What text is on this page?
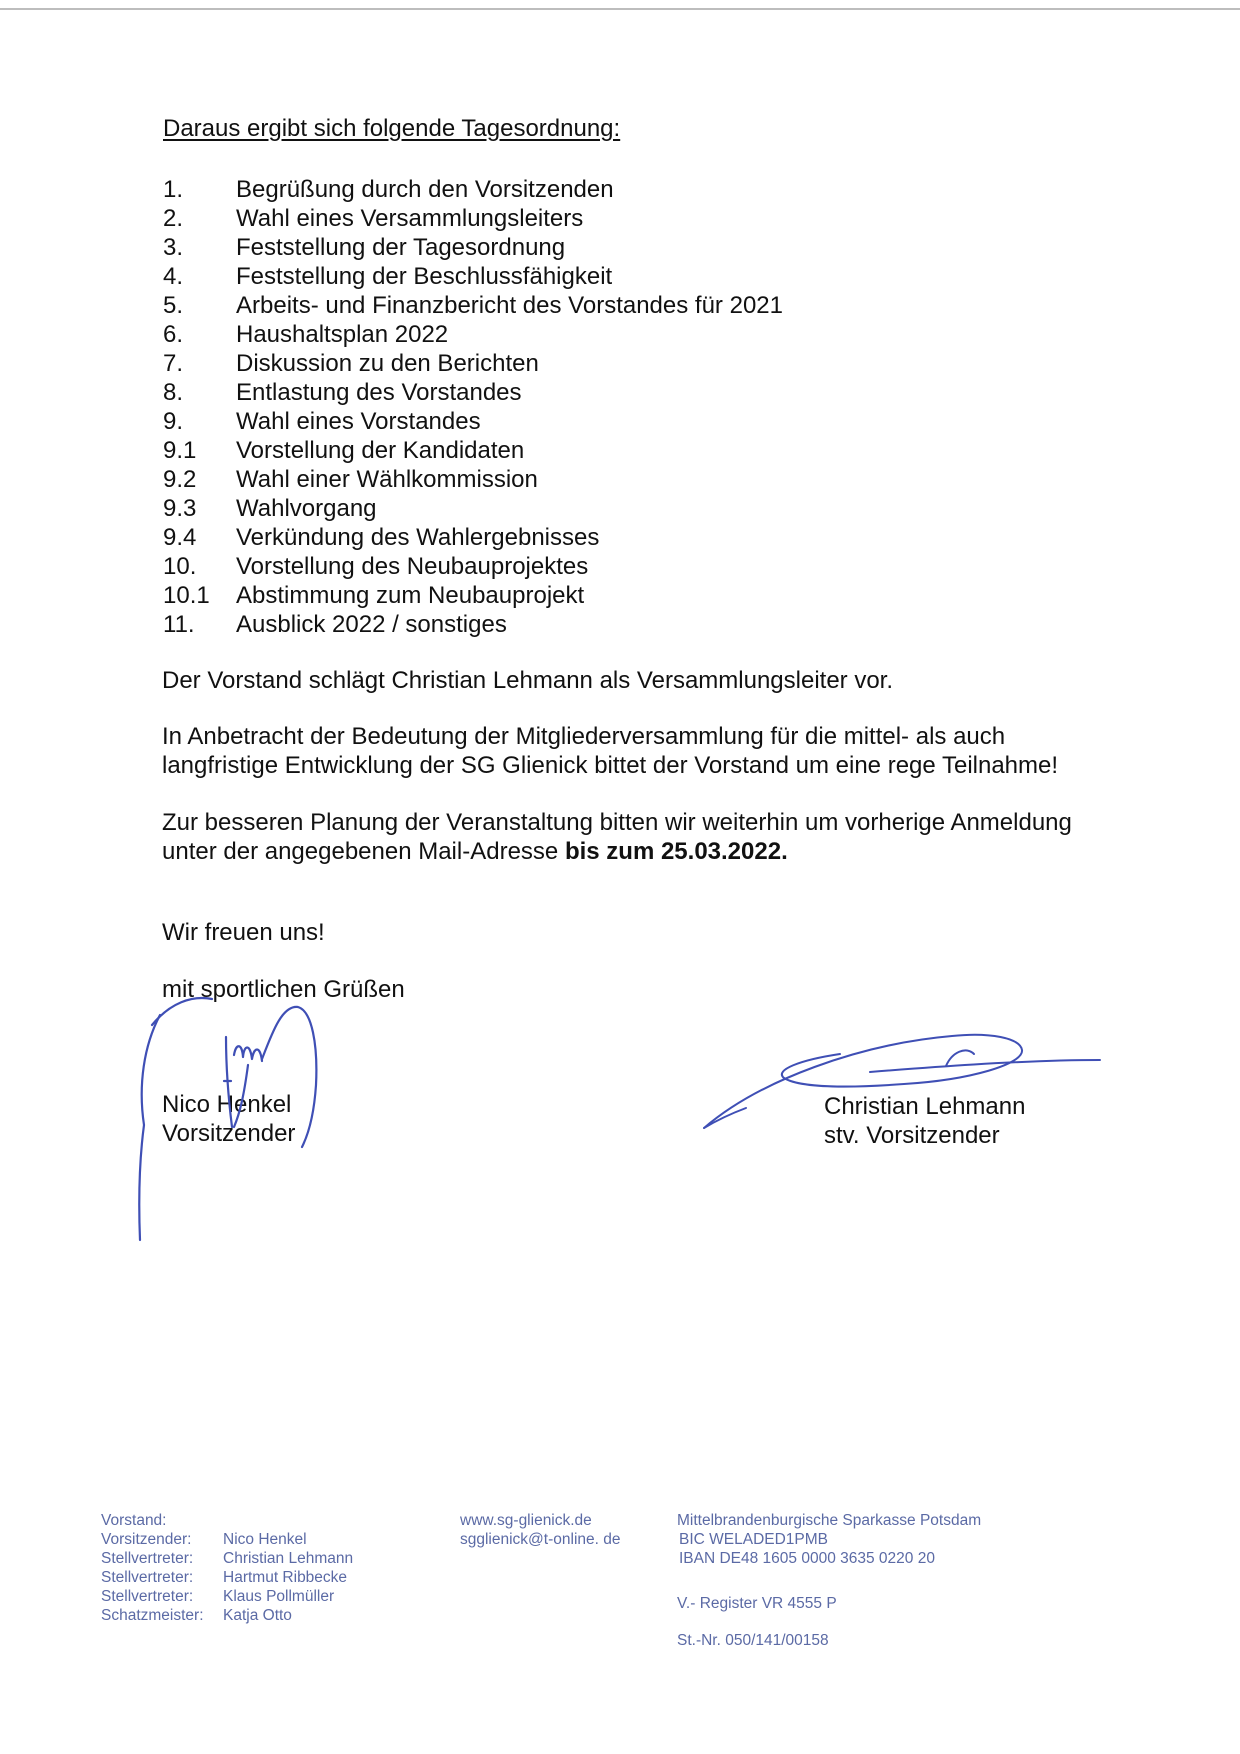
Daraus ergibt sich folgende Tagesordnung:
1.	Begrüßung durch den Vorsitzenden
2.	Wahl eines Versammlungsleiters
3.	Feststellung der Tagesordnung
4.	Feststellung der Beschlussfähigkeit
5.	Arbeits- und Finanzbericht des Vorstandes für 2021
6.	Haushaltsplan 2022
7.	Diskussion zu den Berichten
8.	Entlastung des Vorstandes
9.	Wahl eines Vorstandes
9.1	Vorstellung der Kandidaten
9.2	Wahl einer Wählkommission
9.3	Wahlvorgang
9.4	Verkündung des Wahlergebnisses
10.	Vorstellung des Neubauprojektes
10.1	Abstimmung zum Neubauprojekt
11.	Ausblick 2022 / sonstiges

Der Vorstand schlägt Christian Lehmann als Versammlungsleiter vor.

In Anbetracht der Bedeutung der Mitgliederversammlung für die mittel- als auch
langfristige Entwicklung der SG Glienick bittet der Vorstand um eine rege Teilnahme!

Zur besseren Planung der Veranstaltung bitten wir weiterhin um vorherige Anmeldung
unter der angegebenen Mail-Adresse bis zum 25.03.2022.

Wir freuen uns!

mit sportlichen Grüßen

Nico Henkel
Vorsitzender
Christian Lehmann
stv. Vorsitzender
Vorstand:
Vorsitzender:	Nico Henkel
Stellvertreter:	Christian Lehmann
Stellvertreter:	Hartmut Ribbecke
Stellvertreter:	Klaus Pollmüller
Schatzmeister:	Katja Otto
www.sg-glienick.de
sgglienick@t-online. de
Mittelbrandenburgische Sparkasse Potsdam
BIC WELADED1PMB
IBAN DE48 1605 0000 3635 0220 20
V.- Register VR 4555 P
St.-Nr. 050/141/00158
